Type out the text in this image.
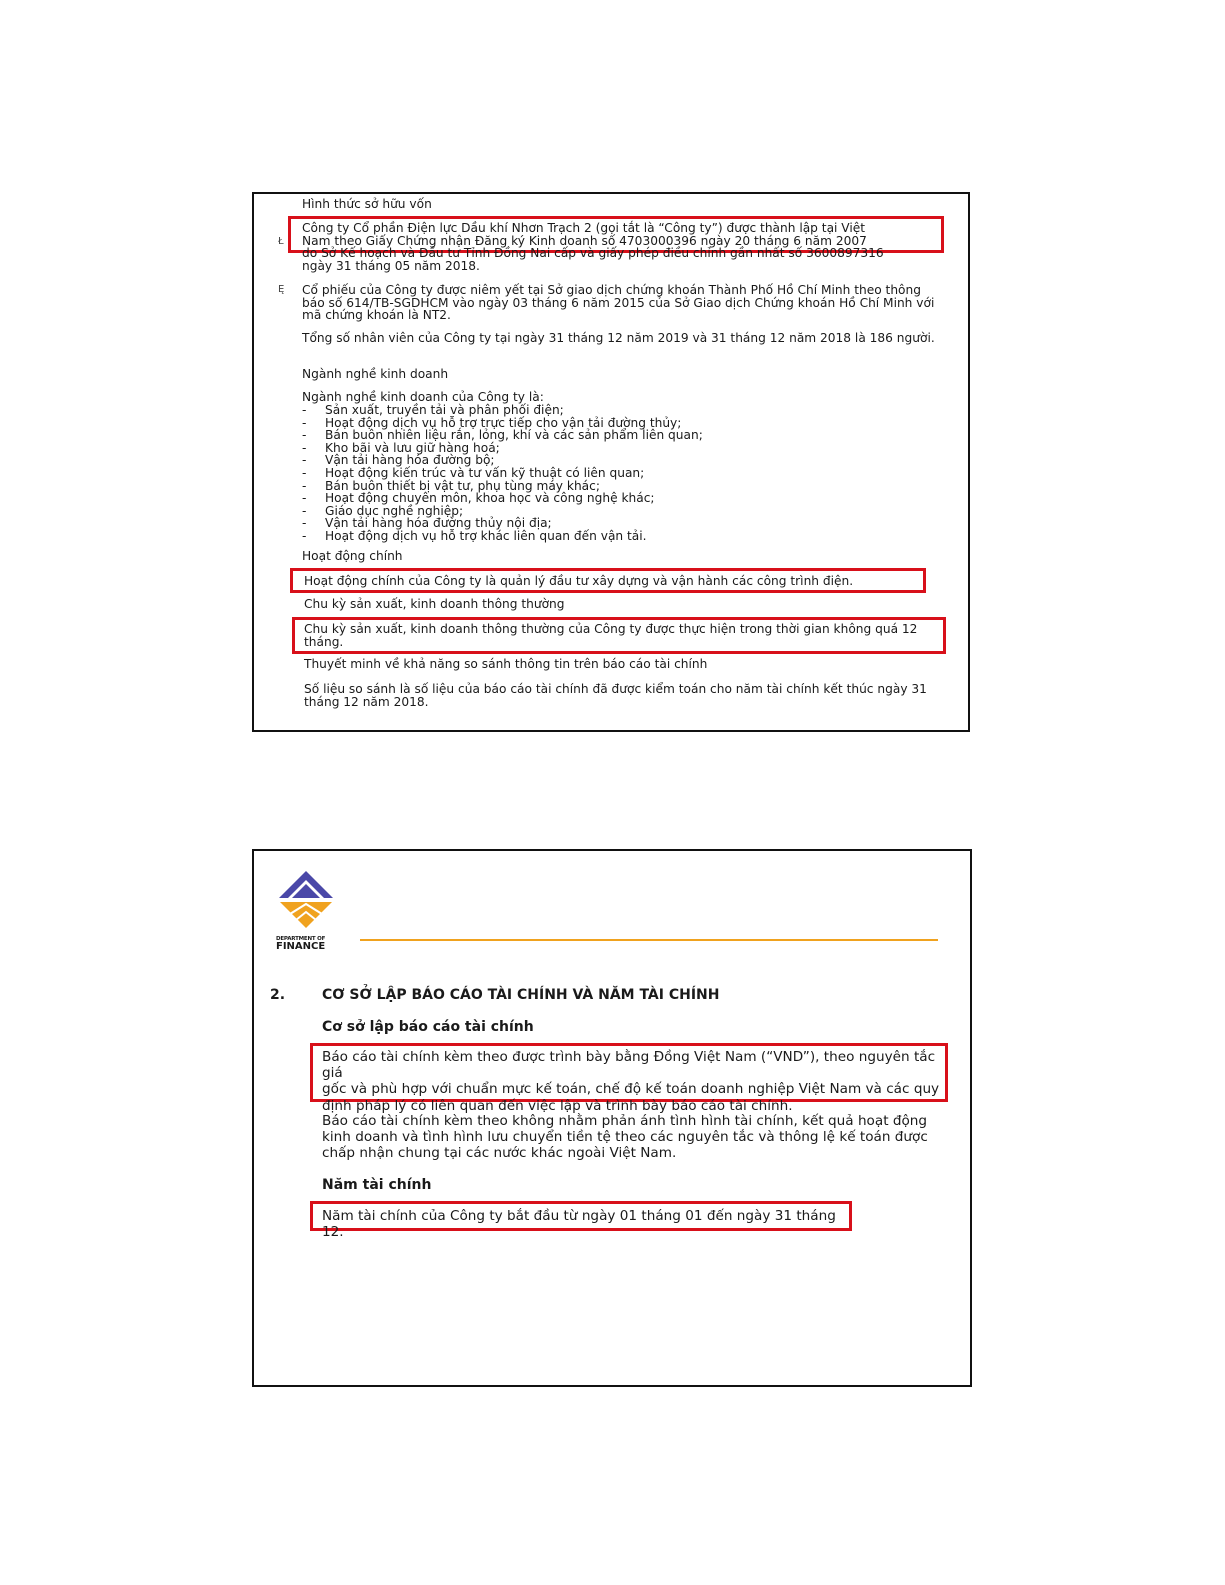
Hình thức sở hữu vốn
Công ty Cổ phần Điện lực Dầu khí Nhơn Trạch 2 (gọi tắt là “Công ty”) được thành lập tại Việt
Nam theo Giấy Chứng nhận Đăng ký Kinh doanh số 4703000396 ngày 20 tháng 6 năm 2007
do Sở Kế hoạch và Đầu tư Tỉnh Đồng Nai cấp và giấy phép điều chỉnh gần nhất số 3600897316
ngày 31 tháng 05 năm 2018.
Ł
Ę Cổ phiếu của Công ty được niêm yết tại Sở giao dịch chứng khoán Thành Phố Hồ Chí Minh theo thông báo số 614/TB-SGDHCM vào ngày 03 tháng 6 năm 2015 của Sở Giao dịch Chứng khoán Hồ Chí Minh với mã chứng khoán là NT2.
Tổng số nhân viên của Công ty tại ngày 31 tháng 12 năm 2019 và 31 tháng 12 năm 2018 là 186 người.
Ngành nghề kinh doanh
Ngành nghề kinh doanh của Công ty là:
- Sản xuất, truyền tải và phân phối điện;
- Hoạt động dịch vụ hỗ trợ trực tiếp cho vận tải đường thủy;
- Bán buôn nhiên liệu rắn, lỏng, khí và các sản phẩm liên quan;
- Kho bãi và lưu giữ hàng hoá;
- Vận tải hàng hóa đường bộ;
- Hoạt động kiến trúc và tư vấn kỹ thuật có liên quan;
- Bán buôn thiết bị vật tư, phụ tùng máy khác;
- Hoạt động chuyên môn, khoa học và công nghệ khác;
- Giáo dục nghề nghiệp;
- Vận tải hàng hóa đường thủy nội địa;
- Hoạt động dịch vụ hỗ trợ khác liên quan đến vận tải.
Hoạt động chính
Hoạt động chính của Công ty là quản lý đầu tư xây dựng và vận hành các công trình điện.
Chu kỳ sản xuất, kinh doanh thông thường
Chu kỳ sản xuất, kinh doanh thông thường của Công ty được thực hiện trong thời gian không quá 12 tháng.
Thuyết minh về khả năng so sánh thông tin trên báo cáo tài chính
Số liệu so sánh là số liệu của báo cáo tài chính đã được kiểm toán cho năm tài chính kết thúc ngày 31 tháng 12 năm 2018.
DEPARTMENT OF
FINANCE
2.	CƠ SỞ LẬP BÁO CÁO TÀI CHÍNH VÀ NĂM TÀI CHÍNH
Cơ sở lập báo cáo tài chính
Báo cáo tài chính kèm theo được trình bày bằng Đồng Việt Nam (“VND”), theo nguyên tắc giá
gốc và phù hợp với chuẩn mực kế toán, chế độ kế toán doanh nghiệp Việt Nam và các quy
định pháp lý có liên quan đến việc lập và trình bày báo cáo tài chính.
Báo cáo tài chính kèm theo không nhằm phản ánh tình hình tài chính, kết quả hoạt động kinh doanh và tình hình lưu chuyển tiền tệ theo các nguyên tắc và thông lệ kế toán được chấp nhận chung tại các nước khác ngoài Việt Nam.
Năm tài chính
Năm tài chính của Công ty bắt đầu từ ngày 01 tháng 01 đến ngày 31 tháng 12.
